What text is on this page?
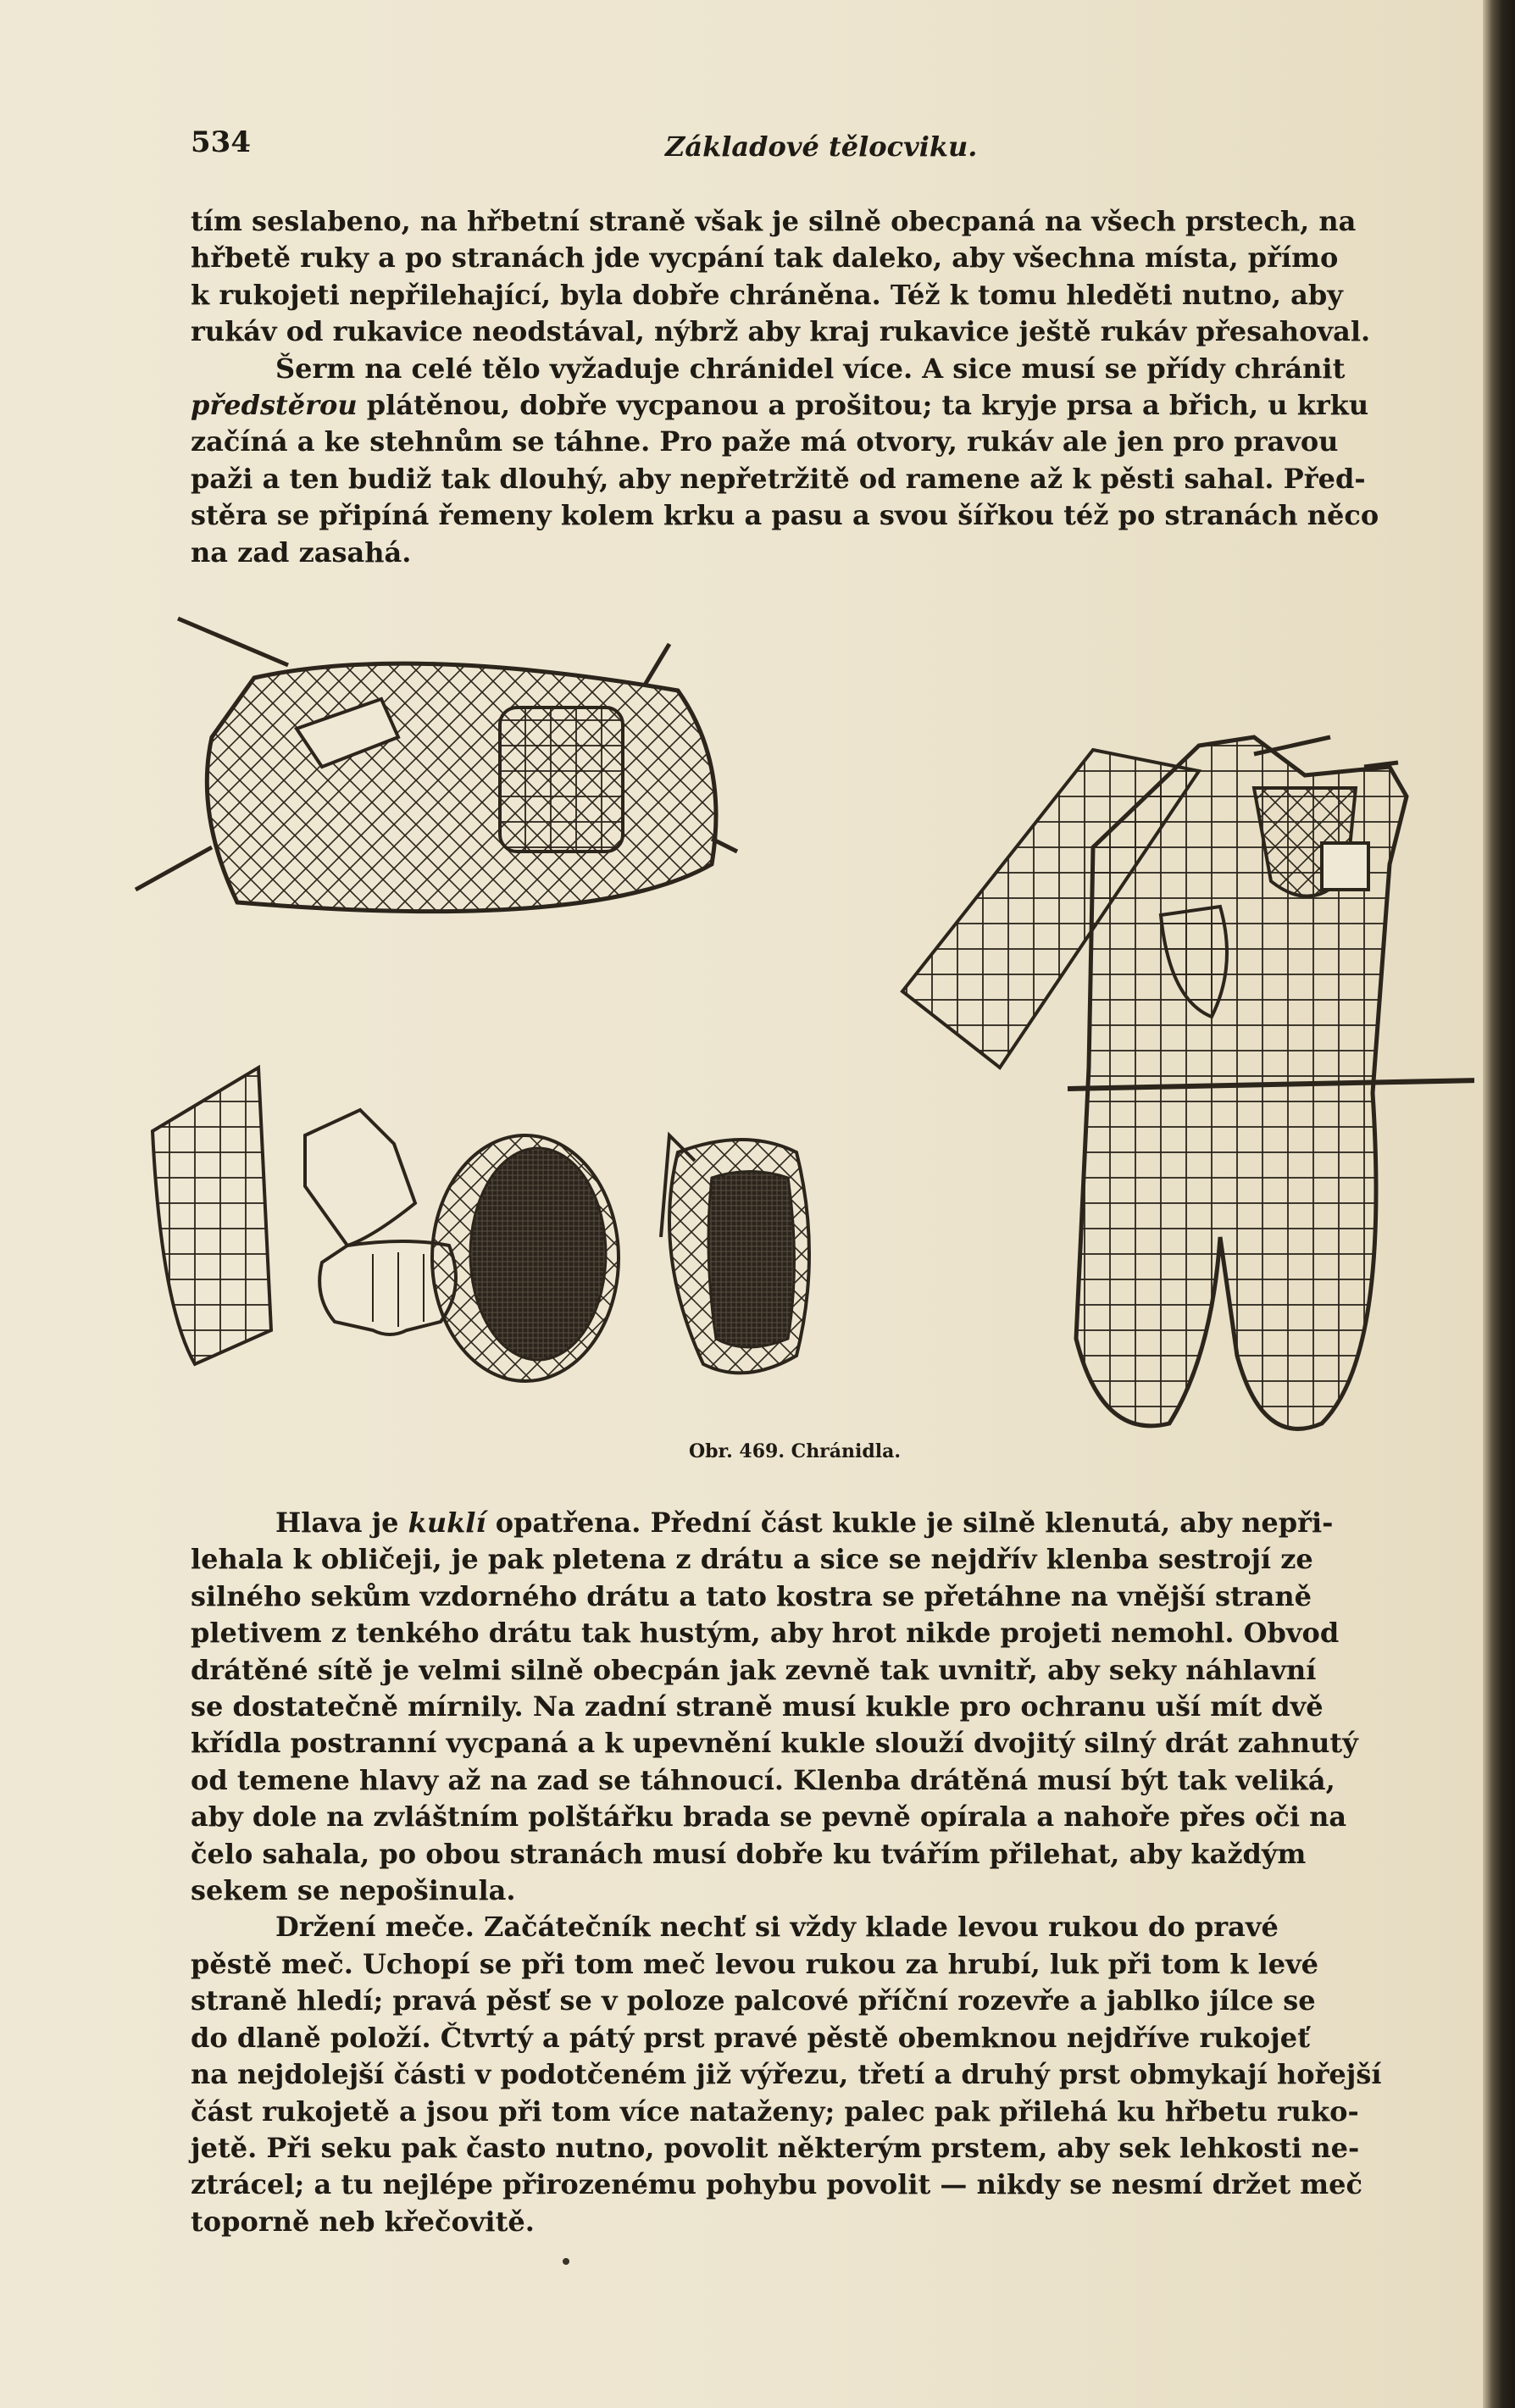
534	Základové tělocviku.

tím seslabeno, na hřbetní straně však je silně obecpaná na všech prstech, na

hřbetě ruky a po stranách jde vycpání tak daleko, aby všechna místa, přímo

k rukojeti nepřilehající, byla dobře chráněna. Též k tomu hleděti nutno, aby

rukáv od rukavice neodstával, nýbrž aby kraj rukavice ještě rukáv přesahoval.

Šerm na celé tělo vyžaduje chránidel více. A sice musí se přídy chránit

předstěrou plátěnou, dobře vycpanou a prošitou; ta kryje prsa a břich, u krku

začíná a ke stehnům se táhne. Pro paže má otvory, rukáv ale jen pro pravou

paži a ten budiž tak dlouhý, aby nepřetržitě od ramene až k pěsti sahal. Před-

stěra se připíná řemeny kolem krku a pasu a svou šířkou též po stranách něco

na zad zasahá.

Obr. 469. Chránidla.

Hlava je kuklí opatřena. Přední část kukle je silně klenutá, aby nepři-

lehala k obličeji, je pak pletena z drátu a sice se nejdřív klenba sestrojí ze

silného sekům vzdorného drátu a tato kostra se přetáhne na vnější straně

pletivem z tenkého drátu tak hustým, aby hrot nikde projeti nemohl. Obvod

drátěné sítě je velmi silně obecpán jak zevně tak uvnitř, aby seky náhlavní

se dostatečně mírnily. Na zadní straně musí kukle pro ochranu uší mít dvě

křídla postranní vycpaná a k upevnění kukle slouží dvojitý silný drát zahnutý

od temene hlavy až na zad se táhnoucí. Klenba drátěná musí být tak veliká,

aby dole na zvláštním polštářku brada se pevně opírala a nahoře přes oči na

čelo sahala, po obou stranách musí dobře ku tvářím přilehat, aby každým

sekem se nepošinula.

Držení meče. Začátečník nechť si vždy klade levou rukou do pravé

pěstě meč. Uchopí se při tom meč levou rukou za hrubí, luk při tom k levé

straně hledí; pravá pěsť se v poloze palcové příční rozevře a jablko jílce se

do dlaně položí. Čtvrtý a pátý prst pravé pěstě obemknou nejdříve rukojeť

na nejdolejší části v podotčeném již výřezu, třetí a druhý prst obmykají hořejší

část rukojetě a jsou při tom více nataženy; palec pak přilehá ku hřbetu ruko-

jetě. Při seku pak často nutno, povolit některým prstem, aby sek lehkosti ne-

ztrácel; a tu nejlépe přirozenému pohybu povolit — nikdy se nesmí držet meč

toporně neb křečovitě.
